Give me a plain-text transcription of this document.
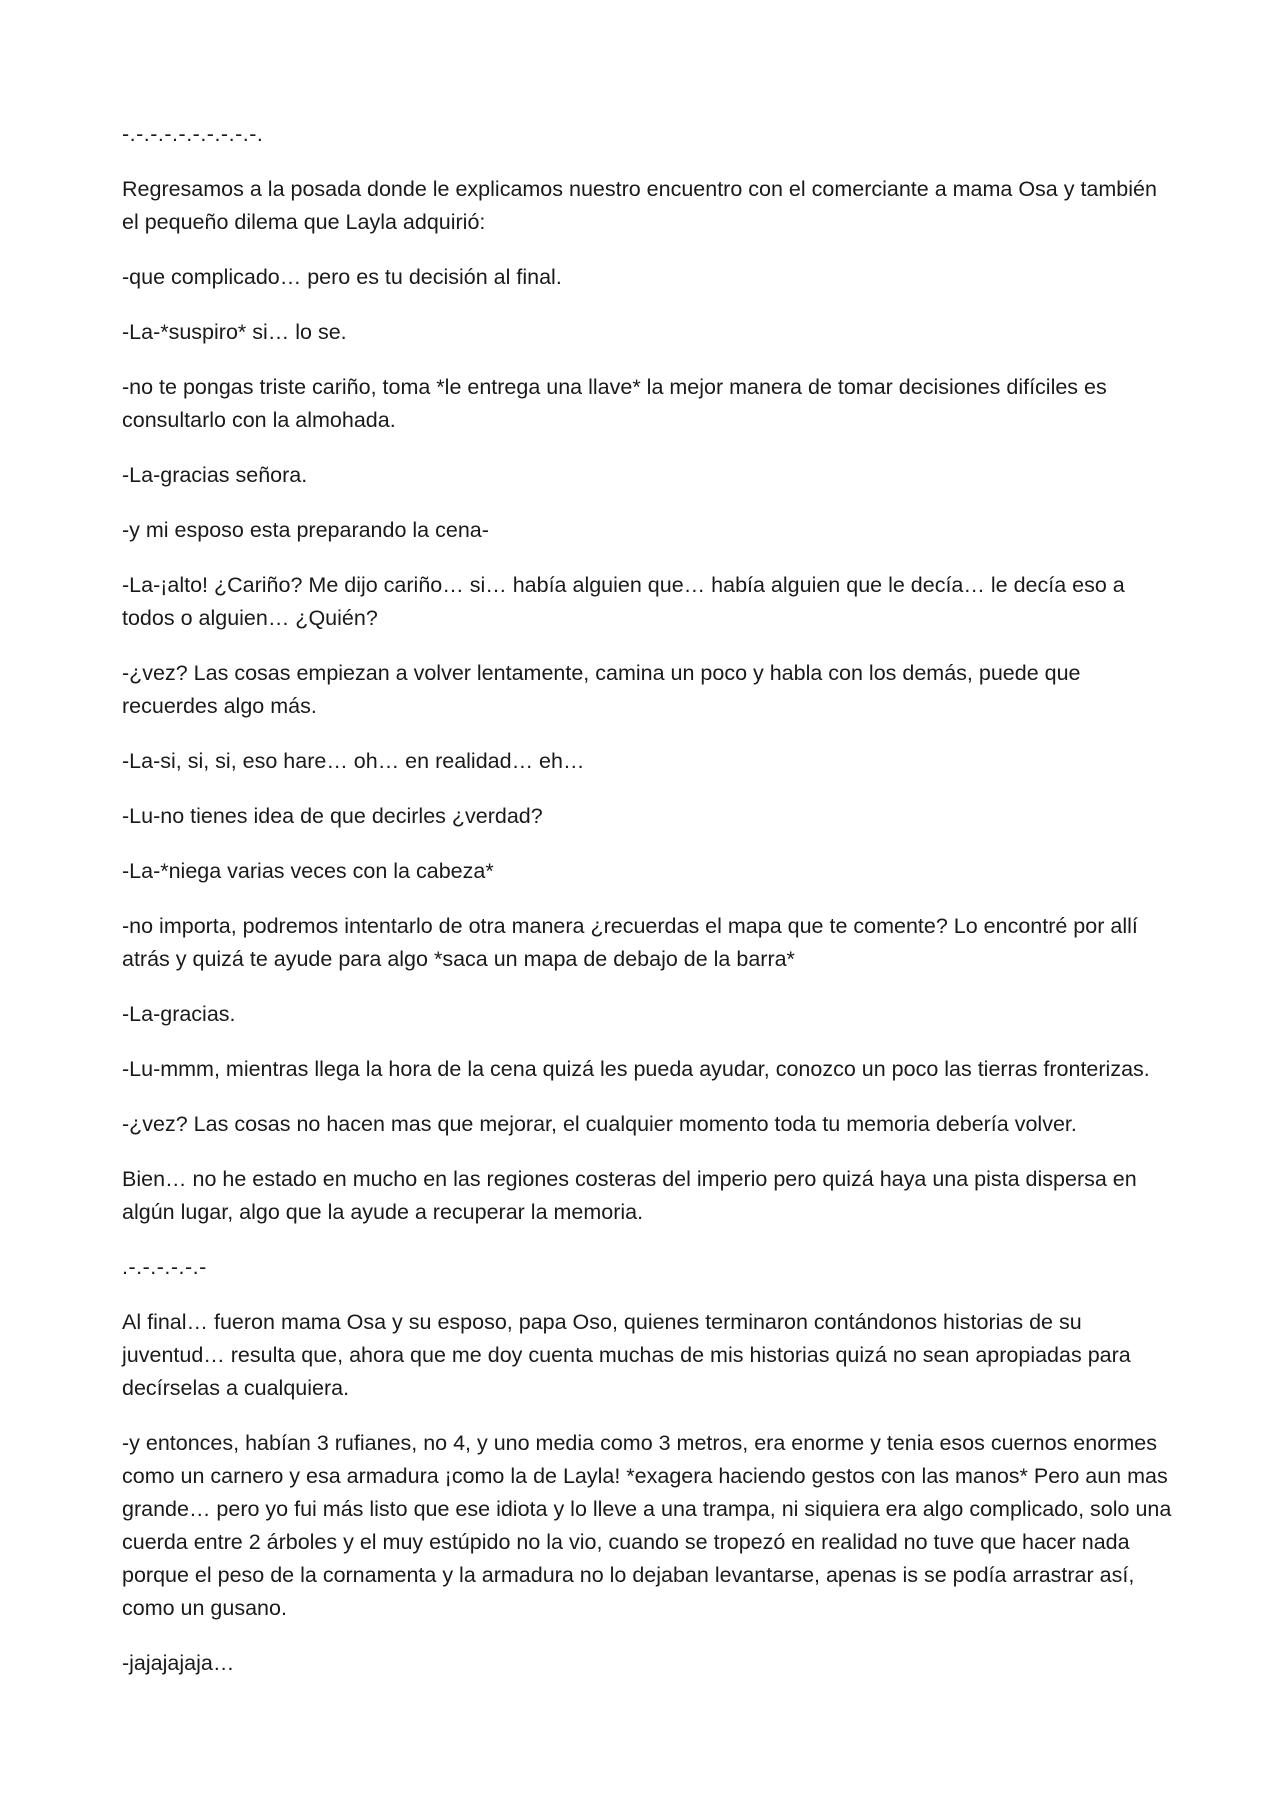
-.-.-.-.-.-.-.-.-.-.

Regresamos a la posada donde le explicamos nuestro encuentro con el comerciante a mama Osa y también el pequeño dilema que Layla adquirió:

-que complicado… pero es tu decisión al final.

-La-*suspiro* si… lo se.

-no te pongas triste cariño, toma *le entrega una llave* la mejor manera de tomar decisiones difíciles es consultarlo con la almohada.

-La-gracias señora.

-y mi esposo esta preparando la cena-

-La-¡alto! ¿Cariño? Me dijo cariño… si… había alguien que… había alguien que le decía… le decía eso a todos o alguien… ¿Quién?

-¿vez? Las cosas empiezan a volver lentamente, camina un poco y habla con los demás, puede que recuerdes algo más.

-La-si, si, si, eso hare… oh… en realidad… eh…

-Lu-no tienes idea de que decirles ¿verdad?

-La-*niega varias veces con la cabeza*

-no importa, podremos intentarlo de otra manera ¿recuerdas el mapa que te comente? Lo encontré por allí atrás y quizá te ayude para algo *saca un mapa de debajo de la barra*

-La-gracias.

-Lu-mmm, mientras llega la hora de la cena quizá les pueda ayudar, conozco un poco las tierras fronterizas.

-¿vez? Las cosas no hacen mas que mejorar, el cualquier momento toda tu memoria debería volver.

Bien… no he estado en mucho en las regiones costeras del imperio pero quizá haya una pista dispersa en algún lugar, algo que la ayude a recuperar la memoria.

.-.-.-.-.-.-

Al final… fueron mama Osa y su esposo, papa Oso, quienes terminaron contándonos historias de su juventud… resulta que, ahora que me doy cuenta muchas de mis historias quizá no sean apropiadas para decírselas a cualquiera.

-y entonces, habían 3 rufianes, no 4, y uno media como 3 metros, era enorme y tenia esos cuernos enormes como un carnero y esa armadura ¡como la de Layla! *exagera haciendo gestos con las manos* Pero aun mas grande… pero yo fui más listo que ese idiota y lo lleve a una trampa, ni siquiera era algo complicado, solo una cuerda entre 2 árboles y el muy estúpido no la vio, cuando se tropezó en realidad no tuve que hacer nada porque el peso de la cornamenta y la armadura no lo dejaban levantarse, apenas is se podía arrastrar así, como un gusano.

-jajajajaja…
